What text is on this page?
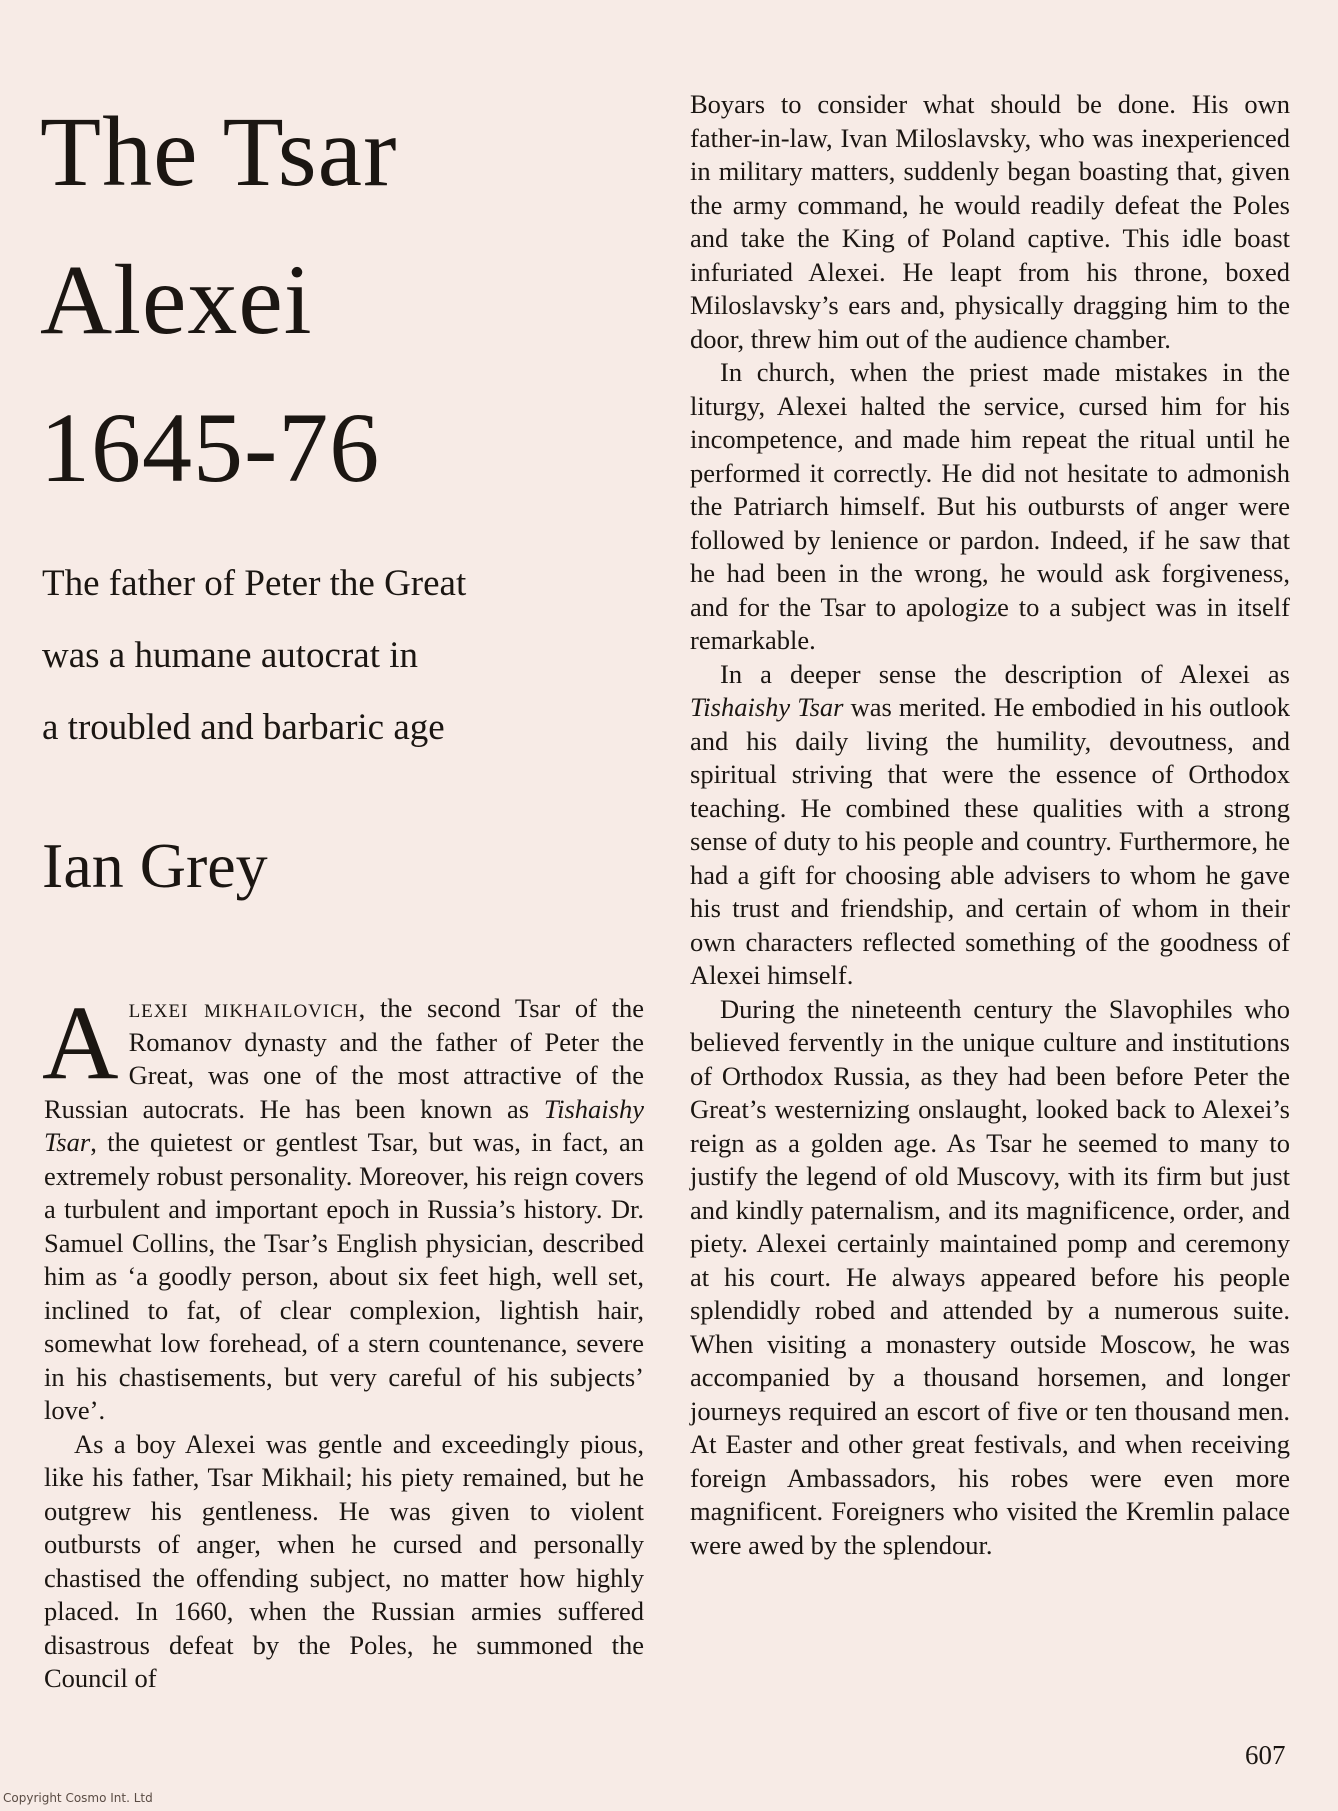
The Tsar
Alexei
1645-76
The father of Peter the Great
was a humane autocrat in
a troubled and barbaric age
Ian Grey

Alexei mikhailovich, the second Tsar of the Romanov dynasty and the father of Peter the Great, was one of the most attractive of the Russian autocrats. He has been known as Tishaishy Tsar, the quietest or gentlest Tsar, but was, in fact, an extremely robust personality. Moreover, his reign covers a turbulent and important epoch in Russia’s history. Dr. Samuel Collins, the Tsar’s English physician, described him as ‘a goodly person, about six feet high, well set, inclined to fat, of clear complexion, lightish hair, somewhat low forehead, of a stern countenance, severe in his chastisements, but very careful of his subjects’ love’.

As a boy Alexei was gentle and exceedingly pious, like his father, Tsar Mikhail; his piety remained, but he outgrew his gentleness. He was given to violent outbursts of anger, when he cursed and personally chastised the offending subject, no matter how highly placed. In 1660, when the Russian armies suffered disastrous defeat by the Poles, he summoned the Council of

Boyars to consider what should be done. His own father-in-law, Ivan Miloslavsky, who was inexperienced in military matters, suddenly began boasting that, given the army command, he would readily defeat the Poles and take the King of Poland captive. This idle boast infuriated Alexei. He leapt from his throne, boxed Miloslavsky’s ears and, physically dragging him to the door, threw him out of the audience chamber.

In church, when the priest made mistakes in the liturgy, Alexei halted the service, cursed him for his incompetence, and made him repeat the ritual until he performed it correctly. He did not hesitate to admonish the Patriarch himself. But his outbursts of anger were followed by lenience or pardon. Indeed, if he saw that he had been in the wrong, he would ask forgiveness, and for the Tsar to apologize to a subject was in itself remarkable.

In a deeper sense the description of Alexei as Tishaishy Tsar was merited. He embodied in his outlook and his daily living the humility, devoutness, and spiritual striving that were the essence of Orthodox teaching. He combined these qualities with a strong sense of duty to his people and country. Furthermore, he had a gift for choosing able advisers to whom he gave his trust and friendship, and certain of whom in their own characters reflected something of the goodness of Alexei himself.

During the nineteenth century the Slavophiles who believed fervently in the unique culture and institutions of Orthodox Russia, as they had been before Peter the Great’s westernizing onslaught, looked back to Alexei’s reign as a golden age. As Tsar he seemed to many to justify the legend of old Muscovy, with its firm but just and kindly paternalism, and its magnificence, order, and piety. Alexei certainly maintained pomp and ceremony at his court. He always appeared before his people splendidly robed and attended by a numerous suite. When visiting a monastery outside Moscow, he was accompanied by a thousand horsemen, and longer journeys required an escort of five or ten thousand men. At Easter and other great festivals, and when receiving foreign Ambassadors, his robes were even more magnificent. Foreigners who visited the Kremlin palace were awed by the splendour.

607
Copyright Cosmo Int. Ltd
